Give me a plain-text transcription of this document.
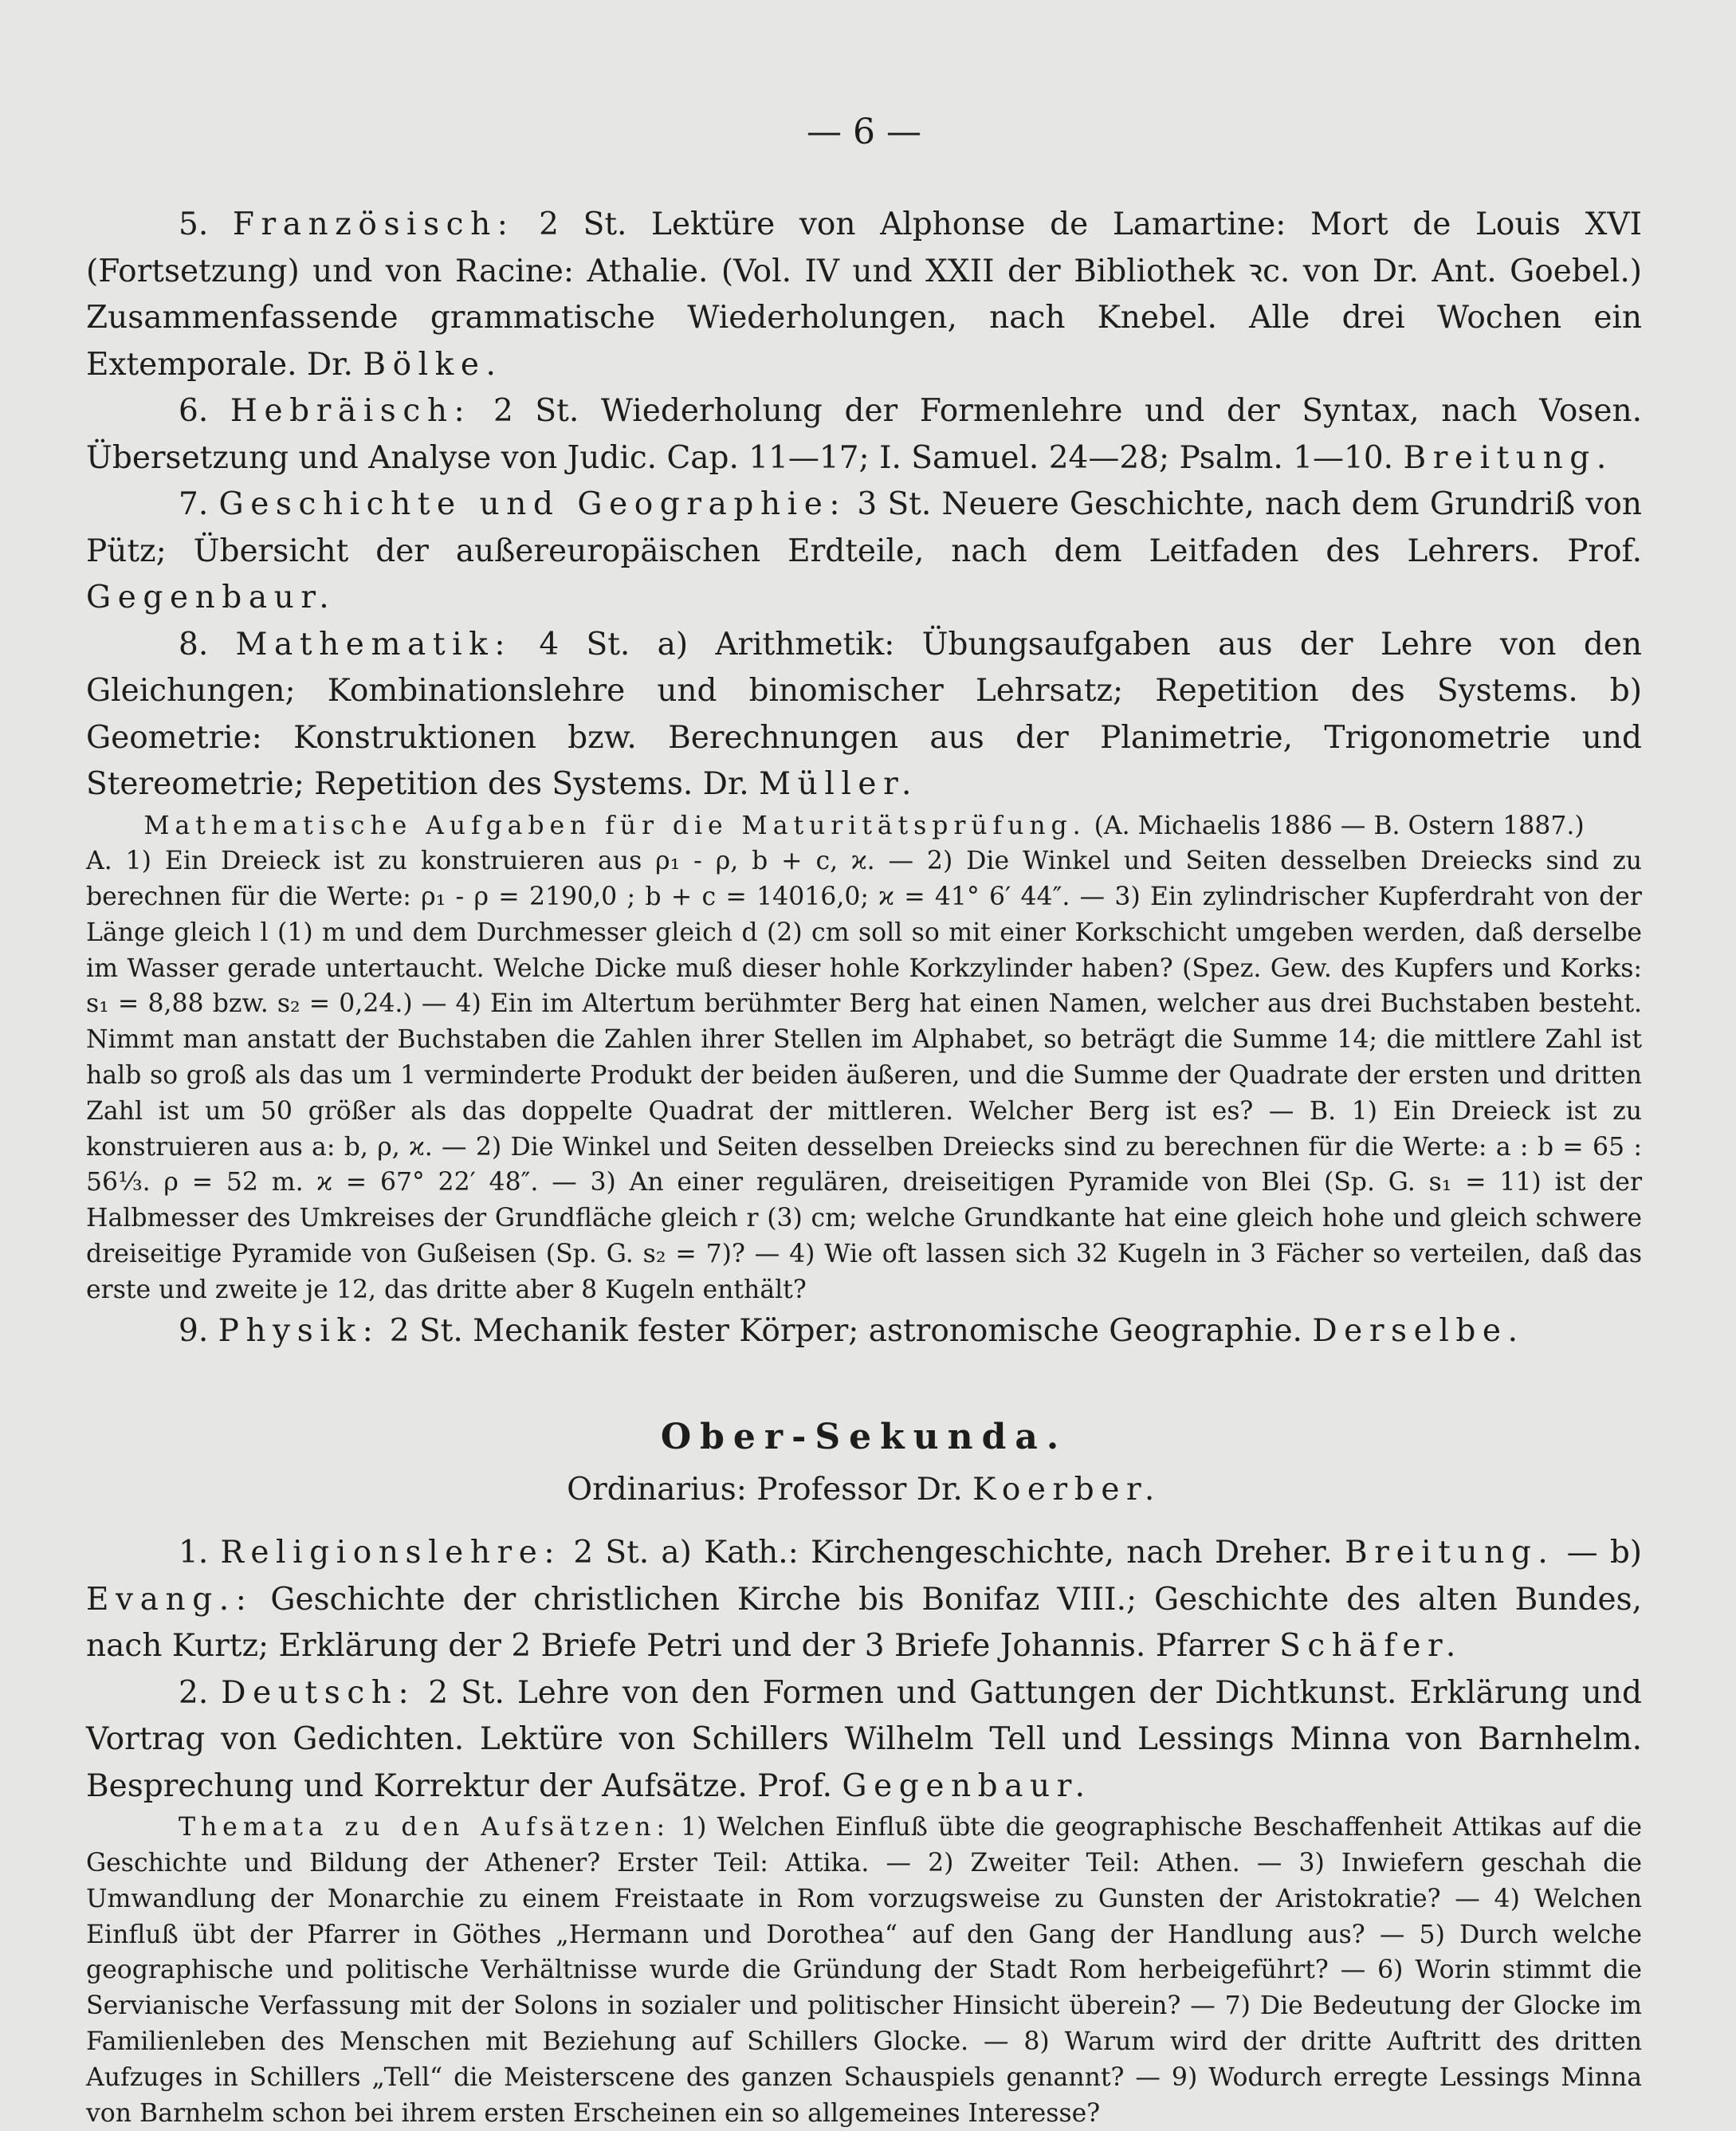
— 6 —

5. Französisch: 2 St. Lektüre von Alphonse de Lamartine: Mort de Louis XVI (Fortsetzung) und von Racine: Athalie. (Vol. IV und XXII der Bibliothek ꝛc. von Dr. Ant. Goebel.) Zusammenfassende grammatische Wiederholungen, nach Knebel. Alle drei Wochen ein Extemporale. Dr. Bölke.

6. Hebräisch: 2 St. Wiederholung der Formenlehre und der Syntax, nach Vosen. Übersetzung und Analyse von Judic. Cap. 11—17; I. Samuel. 24—28; Psalm. 1—10. Breitung.

7. Geschichte und Geographie: 3 St. Neuere Geschichte, nach dem Grundriß von Pütz; Übersicht der außereuropäischen Erdteile, nach dem Leitfaden des Lehrers. Prof. Gegenbaur.

8. Mathematik: 4 St. a) Arithmetik: Übungsaufgaben aus der Lehre von den Gleichungen; Kombinationslehre und binomischer Lehrsatz; Repetition des Systems. b) Geometrie: Konstruktionen bzw. Berechnungen aus der Planimetrie, Trigonometrie und Stereometrie; Repetition des Systems. Dr. Müller.

Mathematische Aufgaben für die Maturitätsprüfung. (A. Michaelis 1886 — B. Ostern 1887.)

A. 1) Ein Dreieck ist zu konstruieren aus ρ₁ - ρ, b + c, ϰ. — 2) Die Winkel und Seiten desselben Dreiecks sind zu berechnen für die Werte: ρ₁ - ρ = 2190,0 ; b + c = 14016,0; ϰ = 41° 6′ 44″. — 3) Ein zylindrischer Kupferdraht von der Länge gleich l (1) m und dem Durchmesser gleich d (2) cm soll so mit einer Korkschicht umgeben werden, daß derselbe im Wasser gerade untertaucht. Welche Dicke muß dieser hohle Korkzylinder haben? (Spez. Gew. des Kupfers und Korks: s₁ = 8,88 bzw. s₂ = 0,24.) — 4) Ein im Altertum berühmter Berg hat einen Namen, welcher aus drei Buchstaben besteht. Nimmt man anstatt der Buchstaben die Zahlen ihrer Stellen im Alphabet, so beträgt die Summe 14; die mittlere Zahl ist halb so groß als das um 1 verminderte Produkt der beiden äußeren, und die Summe der Quadrate der ersten und dritten Zahl ist um 50 größer als das doppelte Quadrat der mittleren. Welcher Berg ist es? — B. 1) Ein Dreieck ist zu konstruieren aus a: b, ρ, ϰ. — 2) Die Winkel und Seiten desselben Dreiecks sind zu berechnen für die Werte: a : b = 65 : 56⅓. ρ = 52 m. ϰ = 67° 22′ 48″. — 3) An einer regulären, dreiseitigen Pyramide von Blei (Sp. G. s₁ = 11) ist der Halbmesser des Umkreises der Grundfläche gleich r (3) cm; welche Grundkante hat eine gleich hohe und gleich schwere dreiseitige Pyramide von Gußeisen (Sp. G. s₂ = 7)? — 4) Wie oft lassen sich 32 Kugeln in 3 Fächer so verteilen, daß das erste und zweite je 12, das dritte aber 8 Kugeln enthält?

9. Physik: 2 St. Mechanik fester Körper; astronomische Geographie. Derselbe.

Ober-Sekunda.
Ordinarius: Professor Dr. Koerber.

1. Religionslehre: 2 St. a) Kath.: Kirchengeschichte, nach Dreher. Breitung. — b) Evang.: Geschichte der christlichen Kirche bis Bonifaz VIII.; Geschichte des alten Bundes, nach Kurtz; Erklärung der 2 Briefe Petri und der 3 Briefe Johannis. Pfarrer Schäfer.

2. Deutsch: 2 St. Lehre von den Formen und Gattungen der Dichtkunst. Erklärung und Vortrag von Gedichten. Lektüre von Schillers Wilhelm Tell und Lessings Minna von Barnhelm. Besprechung und Korrektur der Aufsätze. Prof. Gegenbaur.

Themata zu den Aufsätzen: 1) Welchen Einfluß übte die geographische Beschaffenheit Attikas auf die Geschichte und Bildung der Athener? Erster Teil: Attika. — 2) Zweiter Teil: Athen. — 3) Inwiefern geschah die Umwandlung der Monarchie zu einem Freistaate in Rom vorzugsweise zu Gunsten der Aristokratie? — 4) Welchen Einfluß übt der Pfarrer in Göthes „Hermann und Dorothea“ auf den Gang der Handlung aus? — 5) Durch welche geographische und politische Verhältnisse wurde die Gründung der Stadt Rom herbeigeführt? — 6) Worin stimmt die Servianische Verfassung mit der Solons in sozialer und politischer Hinsicht überein? — 7) Die Bedeutung der Glocke im Familienleben des Menschen mit Beziehung auf Schillers Glocke. — 8) Warum wird der dritte Auftritt des dritten Aufzuges in Schillers „Tell“ die Meisterscene des ganzen Schauspiels genannt? — 9) Wodurch erregte Lessings Minna von Barnhelm schon bei ihrem ersten Erscheinen ein so allgemeines Interesse?
